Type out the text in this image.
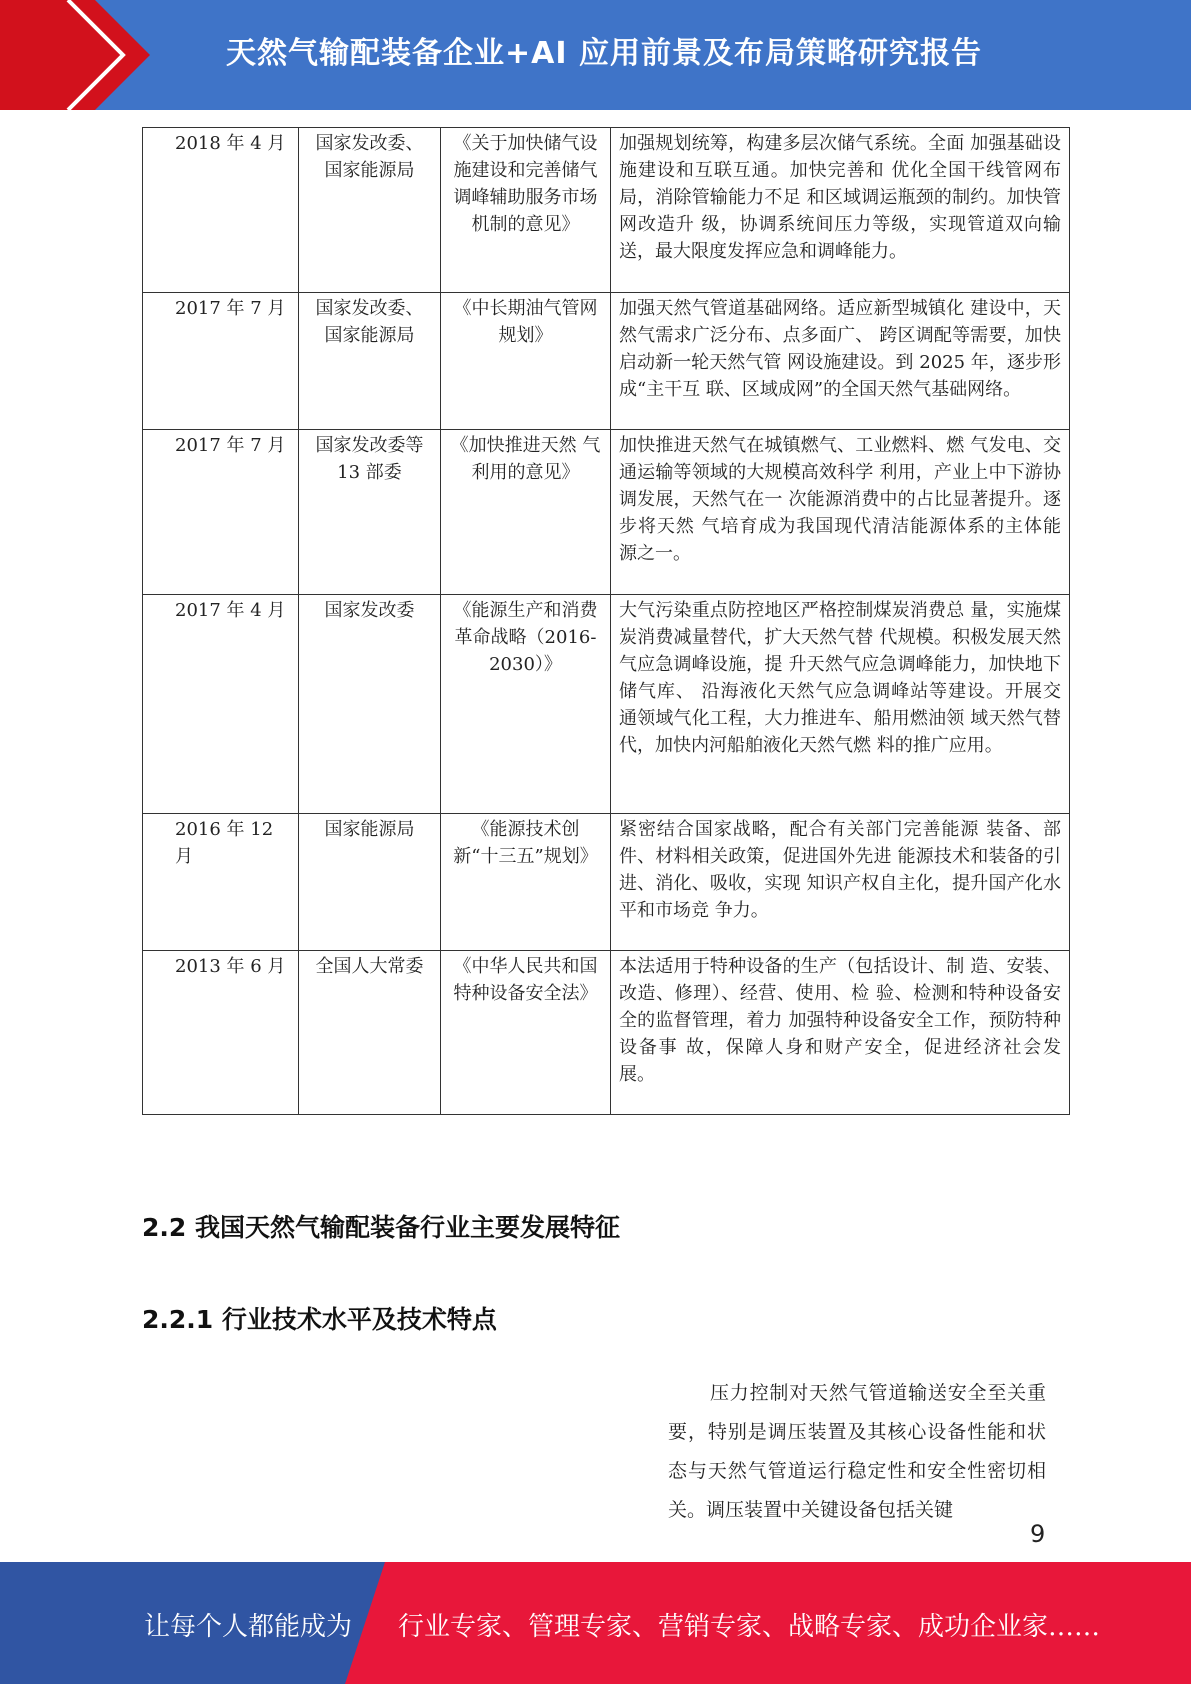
天然气输配装备企业+AI 应用前景及布局策略研究报告
2018 年 4 月	国家发改委、国家能源局	《关于加快储气设施建设和完善储气调峰辅助服务市场机制的意见》	加强规划统筹，构建多层次储气系统。全面 加强基础设施建设和互联互通。加快完善和 优化全国干线管网布局，消除管输能力不足 和区域调运瓶颈的制约。加快管网改造升 级，协调系统间压力等级，实现管道双向输 送，最大限度发挥应急和调峰能力。
2017 年 7 月	国家发改委、国家能源局	《中长期油气管网规划》	加强天然气管道基础网络。适应新型城镇化 建设中，天然气需求广泛分布、点多面广、 跨区调配等需要，加快启动新一轮天然气管 网设施建设。到 2025 年，逐步形成“主干互 联、区域成网”的全国天然气基础网络。
2017 年 7 月	国家发改委等 13 部委	《加快推进天然 气利用的意见》	加快推进天然气在城镇燃气、工业燃料、燃 气发电、交通运输等领域的大规模高效科学 利用，产业上中下游协调发展，天然气在一 次能源消费中的占比显著提升。逐步将天然 气培育成为我国现代清洁能源体系的主体能 源之一。
2017 年 4 月	国家发改委	《能源生产和消费革命战略（2016-2030）》	大气污染重点防控地区严格控制煤炭消费总 量，实施煤炭消费减量替代，扩大天然气替 代规模。积极发展天然气应急调峰设施，提 升天然气应急调峰能力，加快地下储气库、 沿海液化天然气应急调峰站等建设。开展交 通领域气化工程，大力推进车、船用燃油领 域天然气替代，加快内河船舶液化天然气燃 料的推广应用。
2016 年 12 月	国家能源局	《能源技术创新“十三五”规划》	紧密结合国家战略，配合有关部门完善能源 装备、部件、材料相关政策，促进国外先进 能源技术和装备的引进、消化、吸收，实现 知识产权自主化，提升国产化水平和市场竞 争力。
2013 年 6 月	全国人大常委	《中华人民共和国特种设备安全法》	本法适用于特种设备的生产（包括设计、制 造、安装、改造、修理）、经营、使用、检 验、检测和特种设备安全的监督管理，着力 加强特种设备安全工作，预防特种设备事 故，保障人身和财产安全，促进经济社会发 展。
2.2 我国天然气输配装备行业主要发展特征
2.2.1 行业技术水平及技术特点

压力控制对天然气管道输送安全至关重要，特别是调压装置及其核心设备性能和状态与天然气管道运行稳定性和安全性密切相关。调压装置中关键设备包括关键

9
让每个人都能成为 行业专家、管理专家、营销专家、战略专家、成功企业家……
